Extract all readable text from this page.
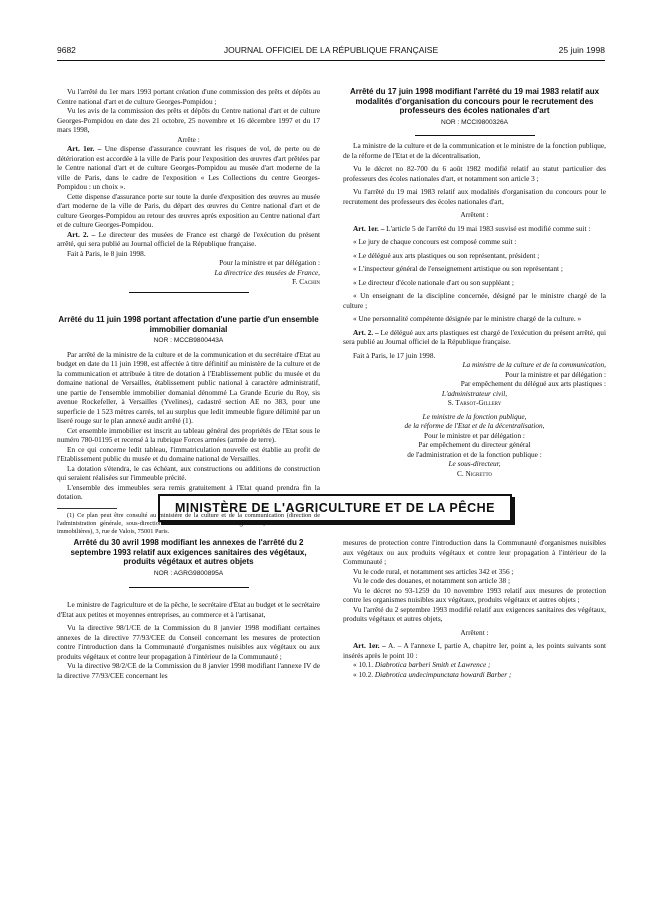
9682	JOURNAL OFFICIEL DE LA RÉPUBLIQUE FRANÇAISE	25 juin 1998

Vu l'arrêté du 1er mars 1993 portant création d'une commission des prêts et dépôts au Centre national d'art et de culture Georges-Pompidou ;

Vu les avis de la commission des prêts et dépôts du Centre national d'art et de culture Georges-Pompidou en date des 21 octobre, 25 novembre et 16 décembre 1997 et du 17 mars 1998,

Arrête :

Art. 1er. – Une dispense d'assurance couvrant les risques de vol, de perte ou de détérioration est accordée à la ville de Paris pour l'exposition des œuvres d'art prêtées par le Centre national d'art et de culture Georges-Pompidou au musée d'art moderne de la ville de Paris, dans le cadre de l'exposition « Les Collections du centre Georges-Pompidou : un choix ».

Cette dispense d'assurance porte sur toute la durée d'exposition des œuvres au musée d'art moderne de la ville de Paris, du départ des œuvres du Centre national d'art et de culture Georges-Pompidou au retour des œuvres après exposition au Centre national d'art et de culture Georges-Pompidou.

Art. 2. – Le directeur des musées de France est chargé de l'exécution du présent arrêté, qui sera publié au Journal officiel de la République française.

Fait à Paris, le 8 juin 1998.

Pour la ministre et par délégation :

La directrice des musées de France,

F. Cachin

Arrêté du 11 juin 1998 portant affectation d'une partie d'un ensemble immobilier domanial

NOR : MCCB9800443A

Par arrêté de la ministre de la culture et de la communication et du secrétaire d'Etat au budget en date du 11 juin 1998, est affectée à titre définitif au ministère de la culture et de la communication et attribuée à titre de dotation à l'Etablissement public du musée et du domaine national de Versailles, établissement public national à caractère administratif, une partie de l'ensemble immobilier domanial dénommé La Grande Ecurie du Roy, sis avenue Rockefeller, à Versailles (Yvelines), cadastré section AE no 383, pour une superficie de 1 523 mètres carrés, tel au surplus que ledit immeuble figure délimité par un liseré rouge sur le plan annexé audit arrêté (1).

Cet ensemble immobilier est inscrit au tableau général des propriétés de l'Etat sous le numéro 780-01195 et recensé à la rubrique Forces armées (armée de terre).

En ce qui concerne ledit tableau, l'immatriculation nouvelle est établie au profit de l'Etablissement public du musée et du domaine national de Versailles.

La dotation s'étendra, le cas échéant, aux constructions ou additions de construction qui seraient réalisées sur l'immeuble précité.

L'ensemble des immeubles sera remis gratuitement à l'Etat quand prendra fin la dotation.

(1) Ce plan peut être consulté au ministère de la culture et de la communication (direction de l'administration générale, sous-direction des affaires financières et générales, bureau des affaires immobilières), 3, rue de Valois, 75001 Paris.

Arrêté du 17 juin 1998 modifiant l'arrêté du 19 mai 1983 relatif aux modalités d'organisation du concours pour le recrutement des professeurs des écoles nationales d'art

NOR : MCCI9800326A

La ministre de la culture et de la communication et le ministre de la fonction publique, de la réforme de l'Etat et de la décentralisation,

Vu le décret no 82-700 du 6 août 1982 modifié relatif au statut particulier des professeurs des écoles nationales d'art, et notamment son article 3 ;

Vu l'arrêté du 19 mai 1983 relatif aux modalités d'organisation du concours pour le recrutement des professeurs des écoles nationales d'art,

Arrêtent :

Art. 1er. – L'article 5 de l'arrêté du 19 mai 1983 susvisé est modifié comme suit :

« Le jury de chaque concours est composé comme suit :

« Le délégué aux arts plastiques ou son représentant, président ;

« L'inspecteur général de l'enseignement artistique ou son représentant ;

« Le directeur d'école nationale d'art ou son suppléant ;

« Un enseignant de la discipline concernée, désigné par le ministre chargé de la culture ;

« Une personnalité compétente désignée par le ministre chargé de la culture. »

Art. 2. – Le délégué aux arts plastiques est chargé de l'exécution du présent arrêté, qui sera publié au Journal officiel de la République française.

Fait à Paris, le 17 juin 1998.

La ministre de la culture et de la communication,

Pour la ministre et par délégation :

Par empêchement du délégué aux arts plastiques :

L'administrateur civil,

S. Tarsot-Gillery

Le ministre de la fonction publique,

de la réforme de l'Etat et de la décentralisation,

Pour le ministre et par délégation :

Par empêchement du directeur général

de l'administration et de la fonction publique :

Le sous-directeur,

C. Nigretto

MINISTÈRE DE L'AGRICULTURE ET DE LA PÊCHE

Arrêté du 30 avril 1998 modifiant les annexes de l'arrêté du 2 septembre 1993 relatif aux exigences sanitaires des végétaux, produits végétaux et autres objets

NOR : AGRG9800895A

Le ministre de l'agriculture et de la pêche, le secrétaire d'Etat au budget et le secrétaire d'Etat aux petites et moyennes entreprises, au commerce et à l'artisanat,

Vu la directive 98/1/CE de la Commission du 8 janvier 1998 modifiant certaines annexes de la directive 77/93/CEE du Conseil concernant les mesures de protection contre l'introduction dans la Communauté d'organismes nuisibles aux végétaux ou aux produits végétaux et contre leur propagation à l'intérieur de la Communauté ;

Vu la directive 98/2/CE de la Commission du 8 janvier 1998 modifiant l'annexe IV de la directive 77/93/CEE concernant les

mesures de protection contre l'introduction dans la Communauté d'organismes nuisibles aux végétaux ou aux produits végétaux et contre leur propagation à l'intérieur de la Communauté ;

Vu le code rural, et notamment ses articles 342 et 356 ;

Vu le code des douanes, et notamment son article 38 ;

Vu le décret no 93-1259 du 10 novembre 1993 relatif aux mesures de protection contre les organismes nuisibles aux végétaux, produits végétaux et autres objets ;

Vu l'arrêté du 2 septembre 1993 modifié relatif aux exigences sanitaires des végétaux, produits végétaux et autres objets,

Arrêtent :

Art. 1er. – A. – A l'annexe I, partie A, chapitre Ier, point a, les points suivants sont insérés après le point 10 :

« 10.1. Diabrotica barberi Smith et Lawrence ;

« 10.2. Diabrotica undecimpunctata howardi Barber ;
